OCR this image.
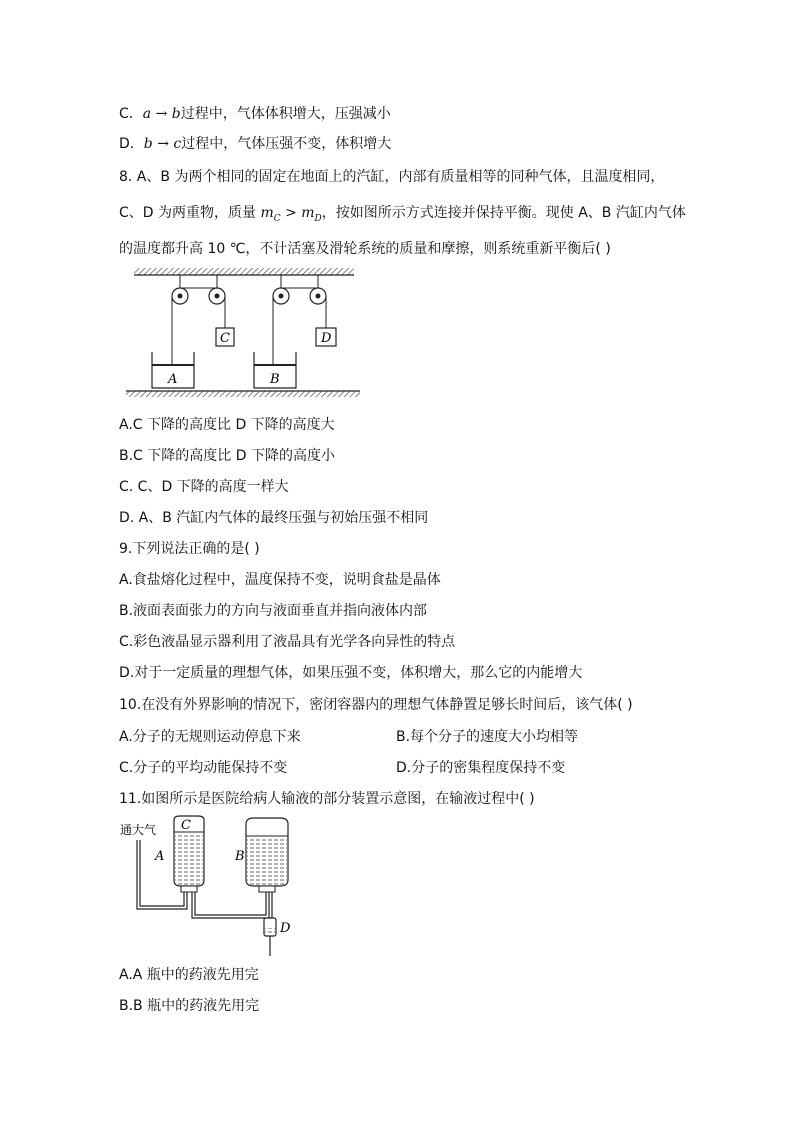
C．a → b过程中，气体体积增大，压强减小
D．b → c过程中，气体压强不变，体积增大
8. A、B 为两个相同的固定在地面上的汽缸，内部有质量相等的同种气体，且温度相同，
C、D 为两重物，质量 $m_C > m_D$，按如图所示方式连接并保持平衡。现使 A、B 汽缸内气体
的温度都升高 10 ℃，不计活塞及滑轮系统的质量和摩擦，则系统重新平衡后( )
A
C
B
D
A.C 下降的高度比 D 下降的高度大
B.C 下降的高度比 D 下降的高度小
C. C、D 下降的高度一样大
D. A、B 汽缸内气体的最终压强与初始压强不相同
9.下列说法正确的是( )
A.食盐熔化过程中，温度保持不变，说明食盐是晶体
B.液面表面张力的方向与液面垂直并指向液体内部
C.彩色液晶显示器利用了液晶具有光学各向异性的特点
D.对于一定质量的理想气体，如果压强不变，体积增大，那么它的内能增大
10.在没有外界影响的情况下，密闭容器内的理想气体静置足够长时间后，该气体( )
A.分子的无规则运动停息下来	B.每个分子的速度大小均相等
C.分子的平均动能保持不变	D.分子的密集程度保持不变
11.如图所示是医院给病人输液的部分装置示意图，在输液过程中( )
通大气 C
A	B
D
A.A 瓶中的药液先用完
B.B 瓶中的药液先用完
